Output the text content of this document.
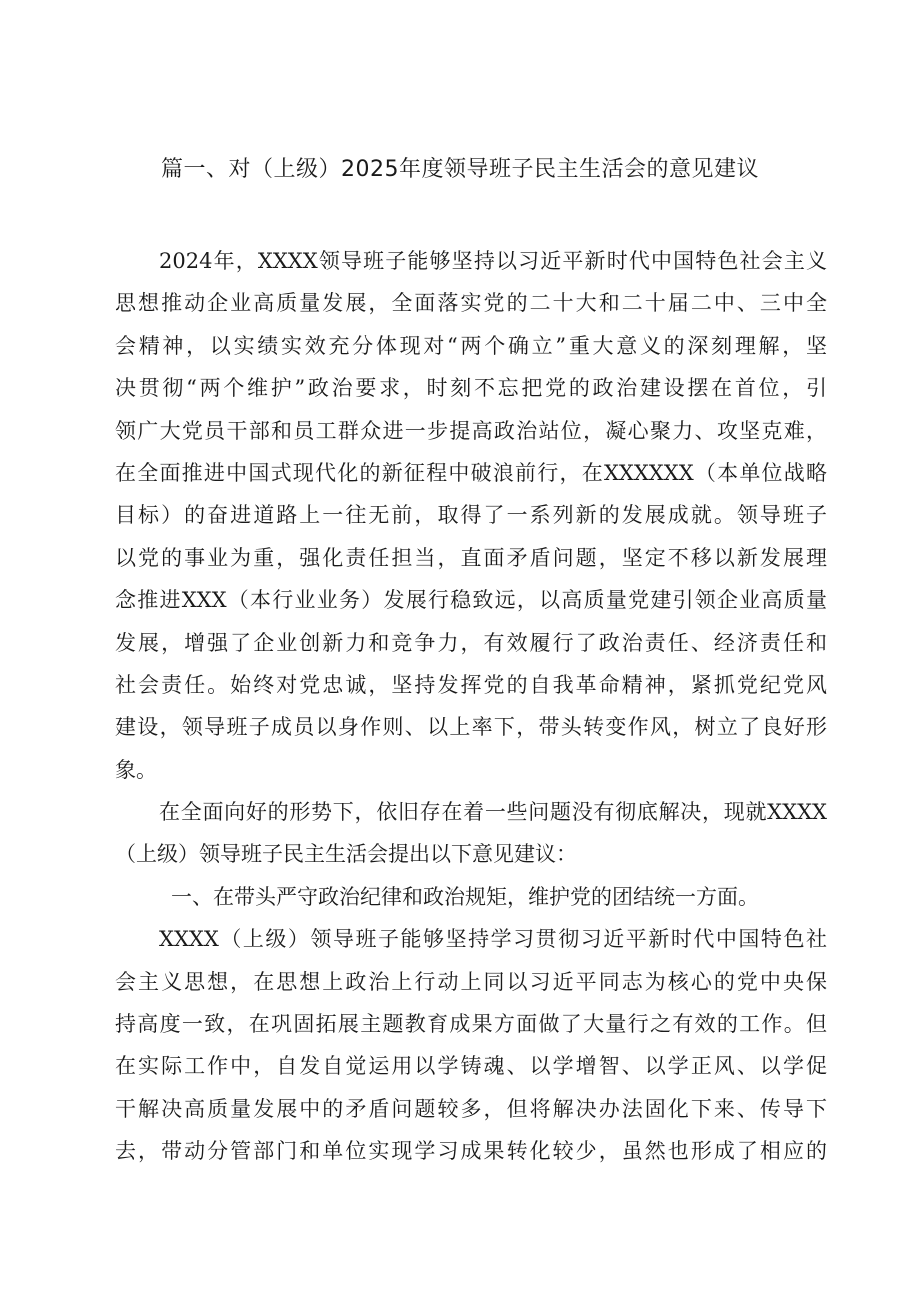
篇一、对（上级）2025年度领导班子民主生活会的意见建议
2024年，XXXX领导班子能够坚持以习近平新时代中国特色社会主义
思想推动企业高质量发展，全面落实党的二十大和二十届二中、三中全
会精神，以实绩实效充分体现对“两个确立”重大意义的深刻理解，坚
决贯彻“两个维护”政治要求，时刻不忘把党的政治建设摆在首位，引
领广大党员干部和员工群众进一步提高政治站位，凝心聚力、攻坚克难，
在全面推进中国式现代化的新征程中破浪前行，在XXXXXX（本单位战略
目标）的奋进道路上一往无前，取得了一系列新的发展成就。领导班子
以党的事业为重，强化责任担当，直面矛盾问题，坚定不移以新发展理
念推进XXX（本行业业务）发展行稳致远，以高质量党建引领企业高质量
发展，增强了企业创新力和竞争力，有效履行了政治责任、经济责任和
社会责任。始终对党忠诚，坚持发挥党的自我革命精神，紧抓党纪党风
建设，领导班子成员以身作则、以上率下，带头转变作风，树立了良好形
象。
在全面向好的形势下，依旧存在着一些问题没有彻底解决，现就XXXX
（上级）领导班子民主生活会提出以下意见建议：
一、在带头严守政治纪律和政治规矩，维护党的团结统一方面。
XXXX（上级）领导班子能够坚持学习贯彻习近平新时代中国特色社
会主义思想，在思想上政治上行动上同以习近平同志为核心的党中央保
持高度一致，在巩固拓展主题教育成果方面做了大量行之有效的工作。但
在实际工作中，自发自觉运用以学铸魂、以学增智、以学正风、以学促
干解决高质量发展中的矛盾问题较多，但将解决办法固化下来、传导下
去，带动分管部门和单位实现学习成果转化较少，虽然也形成了相应的
